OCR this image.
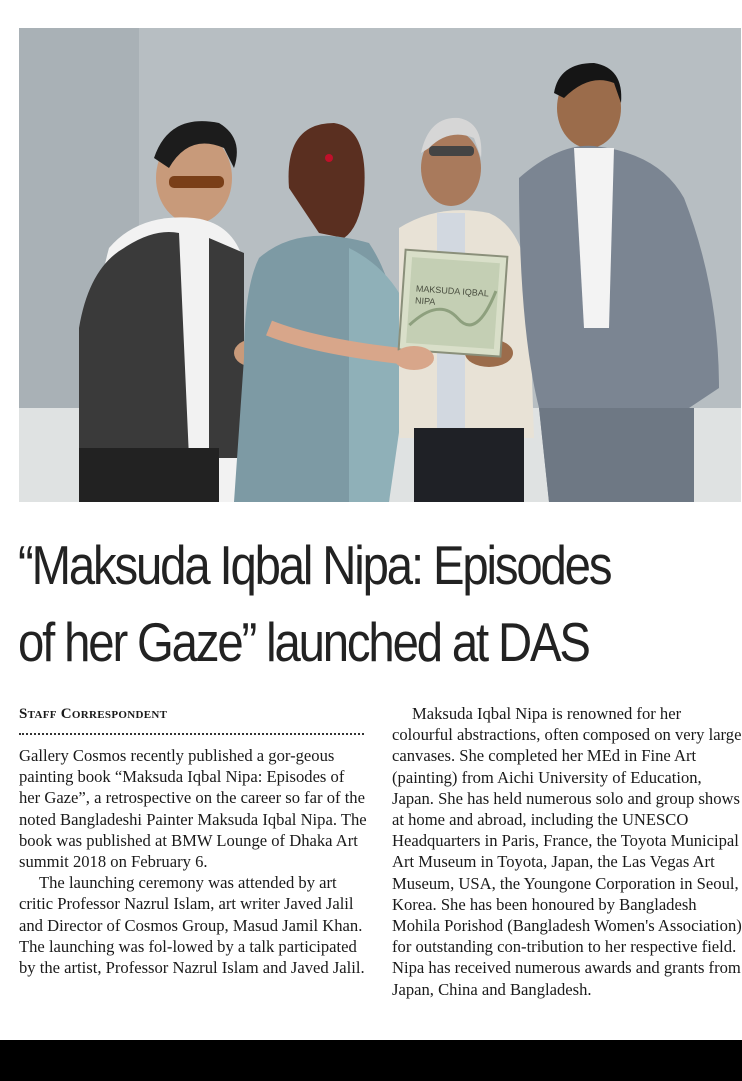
MAKSUDA IQBAL
NIPA
“Maksuda Iqbal Nipa: Episodes
of her Gaze” launched at DAS
Staff Correspondent

Gallery Cosmos recently published a gor-geous painting book “Maksuda Iqbal Nipa: Episodes of her Gaze”, a retrospective on the career so far of the noted Bangladeshi Painter Maksuda Iqbal Nipa. The book was published at BMW Lounge of Dhaka Art summit 2018 on February 6.

The launching ceremony was attended by art critic Professor Nazrul Islam, art writer Javed Jalil and Director of Cosmos Group, Masud Jamil Khan. The launching was fol-lowed by a talk participated by the artist, Professor Nazrul Islam and Javed Jalil.

Maksuda Iqbal Nipa is renowned for her colourful abstractions, often composed on very large canvases. She completed her MEd in Fine Art (painting) from Aichi University of Education, Japan. She has held numerous solo and group shows at home and abroad, including the UNESCO Headquarters in Paris, France, the Toyota Municipal Art Museum in Toyota, Japan, the Las Vegas Art Museum, USA, the Youngone Corporation in Seoul, Korea. She has been honoured by Bangladesh Mohila Porishod (Bangladesh Women's Association) for outstanding con-tribution to her respective field. Nipa has received numerous awards and grants from Japan, China and Bangladesh.
